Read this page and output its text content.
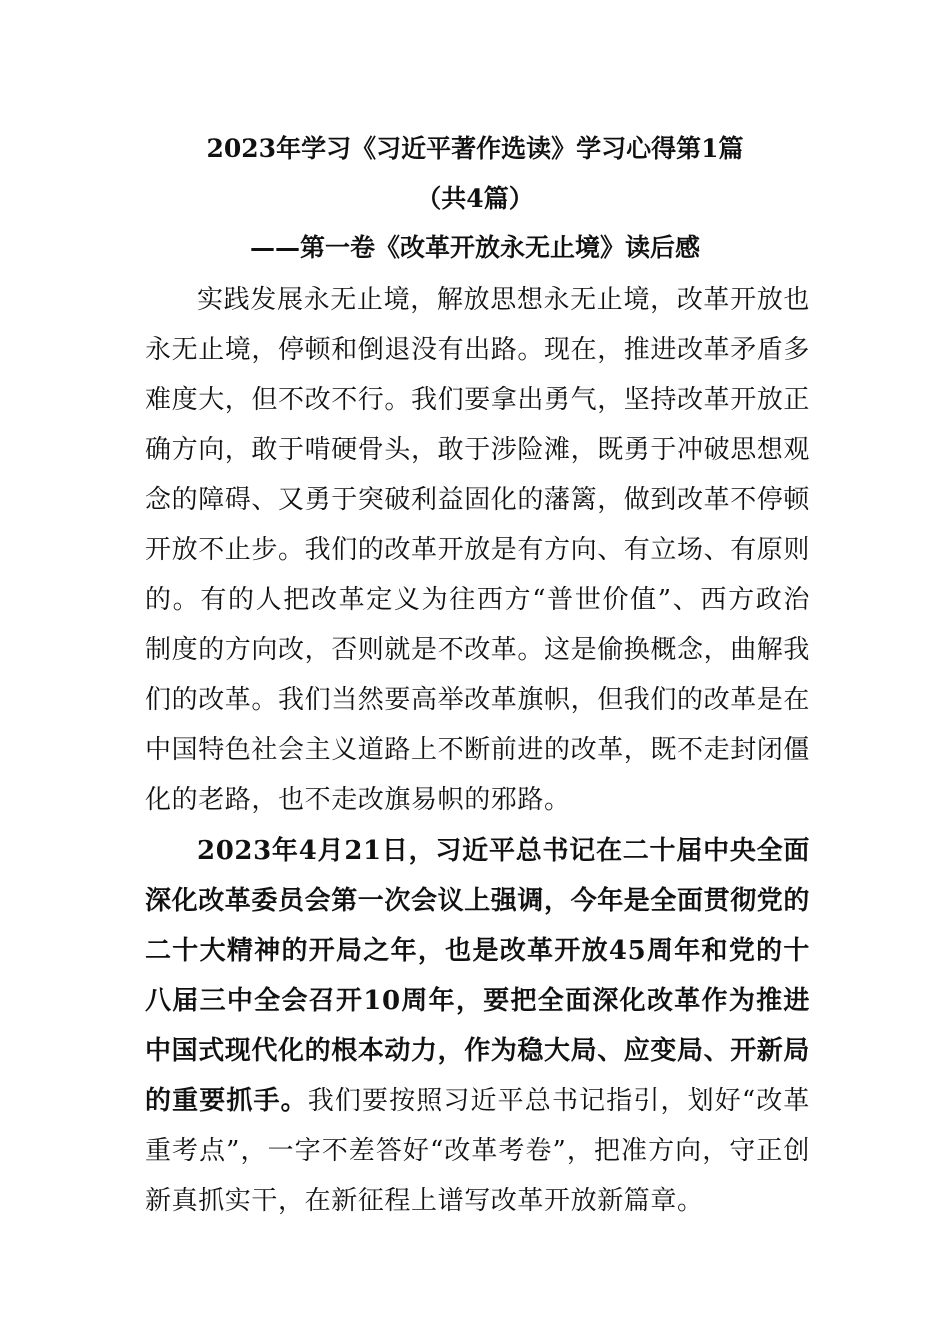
2023年学习《习近平著作选读》学习心得第1篇
（共4篇）
——第一卷《改革开放永无止境》读后感

实践发展永无止境，解放思想永无止境，改革开放也永无止境，停顿和倒退没有出路。现在，推进改革矛盾多难度大，但不改不行。我们要拿出勇气，坚持改革开放正确方向，敢于啃硬骨头，敢于涉险滩，既勇于冲破思想观念的障碍、又勇于突破利益固化的藩篱，做到改革不停顿开放不止步。我们的改革开放是有方向、有立场、有原则的。有的人把改革定义为往西方“普世价值”、西方政治制度的方向改，否则就是不改革。这是偷换概念，曲解我们的改革。我们当然要高举改革旗帜，但我们的改革是在中国特色社会主义道路上不断前进的改革，既不走封闭僵化的老路，也不走改旗易帜的邪路。

2023年4月21日，习近平总书记在二十届中央全面深化改革委员会第一次会议上强调，今年是全面贯彻党的二十大精神的开局之年，也是改革开放45周年和党的十八届三中全会召开10周年，要把全面深化改革作为推进中国式现代化的根本动力，作为稳大局、应变局、开新局的重要抓手。我们要按照习近平总书记指引，划好“改革重考点”，一字不差答好“改革考卷”，把准方向，守正创新真抓实干，在新征程上谱写改革开放新篇章。
